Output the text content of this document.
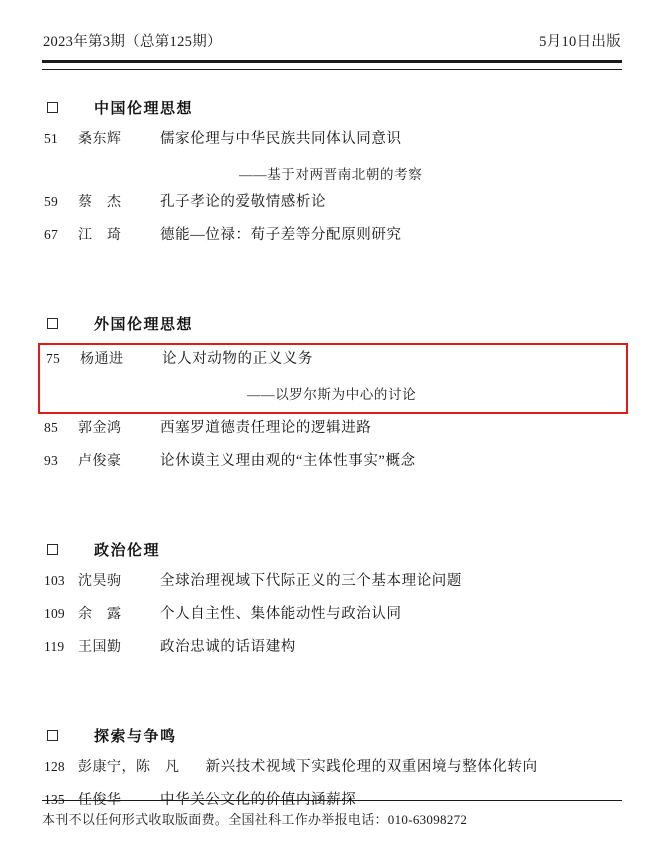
2023年第3期（总第125期）	5月10日出版
中国伦理思想
51	桑东辉	儒家伦理与中华民族共同体认同意识
——基于对两晋南北朝的考察
59	蔡　杰	孔子孝论的爱敬情感析论
67	江　琦	德能—位禄：荀子差等分配原则研究
外国伦理思想
75	杨通进	论人对动物的正义义务
——以罗尔斯为中心的讨论
85	郭金鸿	西塞罗道德责任理论的逻辑进路
93	卢俊豪	论休谟主义理由观的“主体性事实”概念
政治伦理
103 沈昊驹	全球治理视域下代际正义的三个基本理论问题
109 余　露	个人自主性、集体能动性与政治认同
119 王国勤	政治忠诚的话语建构
探索与争鸣
128 彭康宁，陈　凡	新兴技术视域下实践伦理的双重困境与整体化转向
135 任俊华	中华关公文化的价值内涵薪探
本刊不以任何形式收取版面费。全国社科工作办举报电话：010-63098272
